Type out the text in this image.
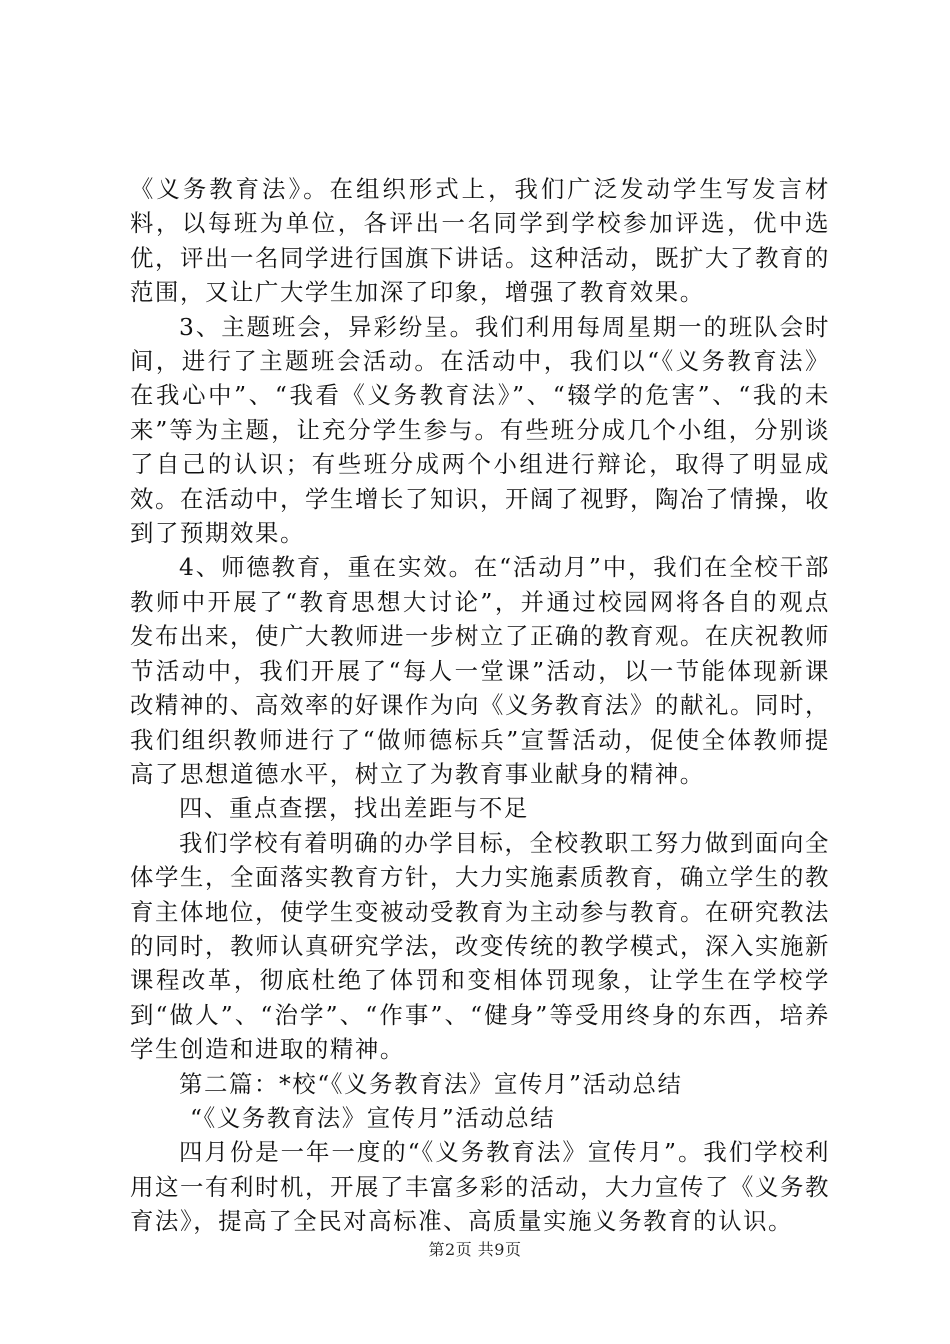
《义务教育法》。在组织形式上，我们广泛发动学生写发言材料，以每班为单位，各评出一名同学到学校参加评选，优中选优，评出一名同学进行国旗下讲话。这种活动，既扩大了教育的范围，又让广大学生加深了印象，增强了教育效果。

3、主题班会，异彩纷呈。我们利用每周星期一的班队会时间，进行了主题班会活动。在活动中，我们以“《义务教育法》在我心中”、“我看《义务教育法》”、“辍学的危害”、“我的未来”等为主题，让充分学生参与。有些班分成几个小组，分别谈了自己的认识；有些班分成两个小组进行辩论，取得了明显成效。在活动中，学生增长了知识，开阔了视野，陶冶了情操，收到了预期效果。

4、师德教育，重在实效。在“活动月”中，我们在全校干部教师中开展了“教育思想大讨论”，并通过校园网将各自的观点发布出来，使广大教师进一步树立了正确的教育观。在庆祝教师节活动中，我们开展了“每人一堂课”活动，以一节能体现新课改精神的、高效率的好课作为向《义务教育法》的献礼。同时，我们组织教师进行了“做师德标兵”宣誓活动，促使全体教师提高了思想道德水平，树立了为教育事业献身的精神。

四、重点查摆，找出差距与不足

我们学校有着明确的办学目标，全校教职工努力做到面向全体学生，全面落实教育方针，大力实施素质教育，确立学生的教育主体地位，使学生变被动受教育为主动参与教育。在研究教法的同时，教师认真研究学法，改变传统的教学模式，深入实施新课程改革，彻底杜绝了体罚和变相体罚现象，让学生在学校学到“做人”、“治学”、“作事”、“健身”等受用终身的东西，培养学生创造和进取的精神。

第二篇：*校“《义务教育法》宣传月”活动总结

“《义务教育法》宣传月”活动总结

四月份是一年一度的“《义务教育法》宣传月”。我们学校利用这一有利时机，开展了丰富多彩的活动，大力宣传了《义务教育法》，提高了全民对高标准、高质量实施义务教育的认识。

第2页 共9页
